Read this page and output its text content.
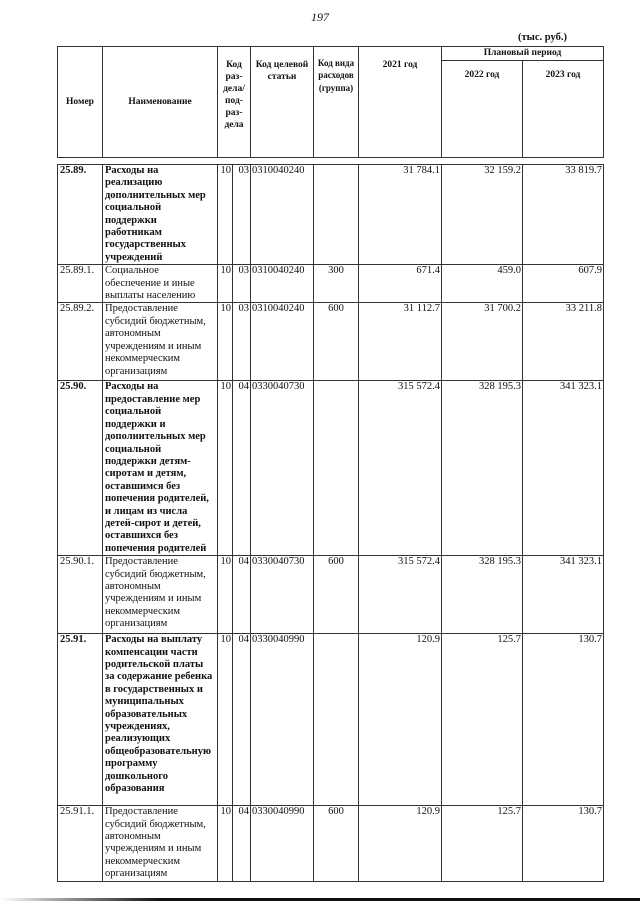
197
(тыс. руб.)
Номер	Наименование	Код раз-дела/ под-раз-дела		Код целевой статьи	Код вида расходов (группа)	2021 год	Плановый период	
							2022 год	2023 год

25.89.	Расходы на реализацию дополнительных мер социальной поддержки работникам государственных учреждений	10	03	0310040240		31 784.1	32 159.2	33 819.7
25.89.1.	Социальное обеспечение и иные выплаты населению	10	03	0310040240	300	671.4	459.0	607.9
25.89.2.	Предоставление субсидий бюджетным, автономным учреждениям и иным некоммерческим организациям	10	03	0310040240	600	31 112.7	31 700.2	33 211.8
25.90.	Расходы на предоставление мер социальной поддержки и дополнительных мер социальной поддержки детям-сиротам и детям, оставшимся без попечения родителей, и лицам из числа детей-сирот и детей, оставшихся без попечения родителей	10	04	0330040730		315 572.4	328 195.3	341 323.1
25.90.1.	Предоставление субсидий бюджетным, автономным учреждениям и иным некоммерческим организациям	10	04	0330040730	600	315 572.4	328 195.3	341 323.1
25.91.	Расходы на выплату компенсации части родительской платы за содержание ребенка в государственных и муниципальных образовательных учреждениях, реализующих общеобразовательную программу дошкольного образования	10	04	0330040990		120.9	125.7	130.7
25.91.1.	Предоставление субсидий бюджетным, автономным учреждениям и иным некоммерческим организациям	10	04	0330040990	600	120.9	125.7	130.7
